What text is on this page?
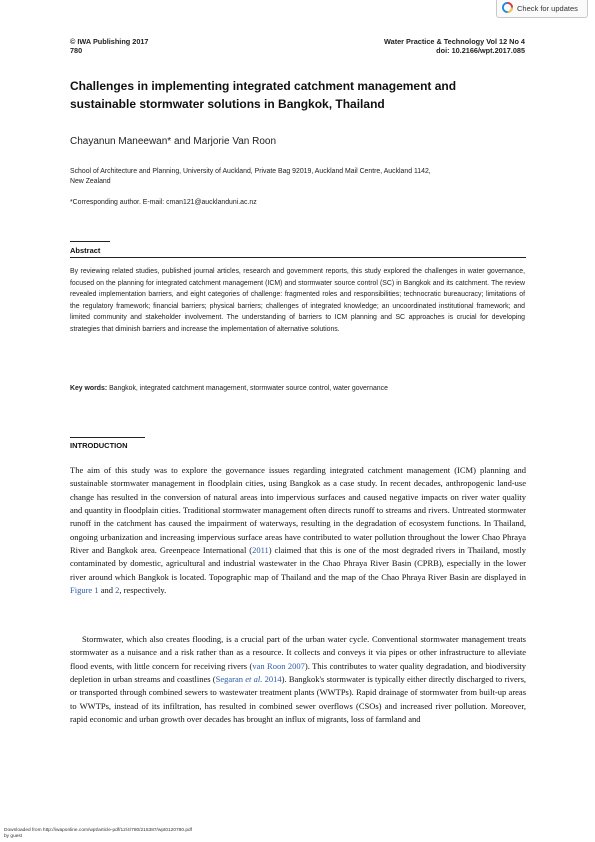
Check for updates
© IWA Publishing 2017
780
Water Practice & Technology Vol 12 No 4
doi: 10.2166/wpt.2017.085
Challenges in implementing integrated catchment management and
sustainable stormwater solutions in Bangkok, Thailand
Chayanun Maneewan* and Marjorie Van Roon
School of Architecture and Planning, University of Auckland, Private Bag 92019, Auckland Mail Centre, Auckland 1142,
New Zealand
*Corresponding author. E-mail: cman121@aucklanduni.ac.nz
Abstract
By reviewing related studies, published journal articles, research and government reports, this study explored the challenges in water governance, focused on the planning for integrated catchment management (ICM) and stormwater source control (SC) in Bangkok and its catchment. The review revealed implementation barriers, and eight categories of challenge: fragmented roles and responsibilities; technocratic bureaucracy; limitations of the regulatory framework; financial barriers; physical barriers; challenges of integrated knowledge; an uncoordinated institutional framework; and limited community and stakeholder involvement. The understanding of barriers to ICM planning and SC approaches is crucial for developing strategies that diminish barriers and increase the implementation of alternative solutions.
Key words: Bangkok, integrated catchment management, stormwater source control, water governance
INTRODUCTION
The aim of this study was to explore the governance issues regarding integrated catchment management (ICM) planning and sustainable stormwater management in floodplain cities, using Bangkok as a case study. In recent decades, anthropogenic land-use change has resulted in the conversion of natural areas into impervious surfaces and caused negative impacts on river water quality and quantity in floodplain cities. Traditional stormwater management often directs runoff to streams and rivers. Untreated stormwater runoff in the catchment has caused the impairment of waterways, resulting in the degradation of ecosystem functions. In Thailand, ongoing urbanization and increasing impervious surface areas have contributed to water pollution throughout the lower Chao Phraya River and Bangkok area. Greenpeace International (2011) claimed that this is one of the most degraded rivers in Thailand, mostly contaminated by domestic, agricultural and industrial wastewater in the Chao Phraya River Basin (CPRB), especially in the lower river around which Bangkok is located. Topographic map of Thailand and the map of the Chao Phraya River Basin are displayed in Figure 1 and 2, respectively.
Stormwater, which also creates flooding, is a crucial part of the urban water cycle. Conventional stormwater management treats stormwater as a nuisance and a risk rather than as a resource. It collects and conveys it via pipes or other infrastructure to alleviate flood events, with little concern for receiving rivers (van Roon 2007). This contributes to water quality degradation, and biodiversity depletion in urban streams and coastlines (Segaran et al. 2014). Bangkok's stormwater is typically either directly discharged to rivers, or transported through combined sewers to wastewater treatment plants (WWTPs). Rapid drainage of stormwater from built-up areas to WWTPs, instead of its infiltration, has resulted in combined sewer overflows (CSOs) and increased river pollution. Moreover, rapid economic and urban growth over decades has brought an influx of migrants, loss of farmland and
Downloaded from http://iwaponline.com/wpt/article-pdf/12/4/780/215387/wpt0120780.pdf
by guest
